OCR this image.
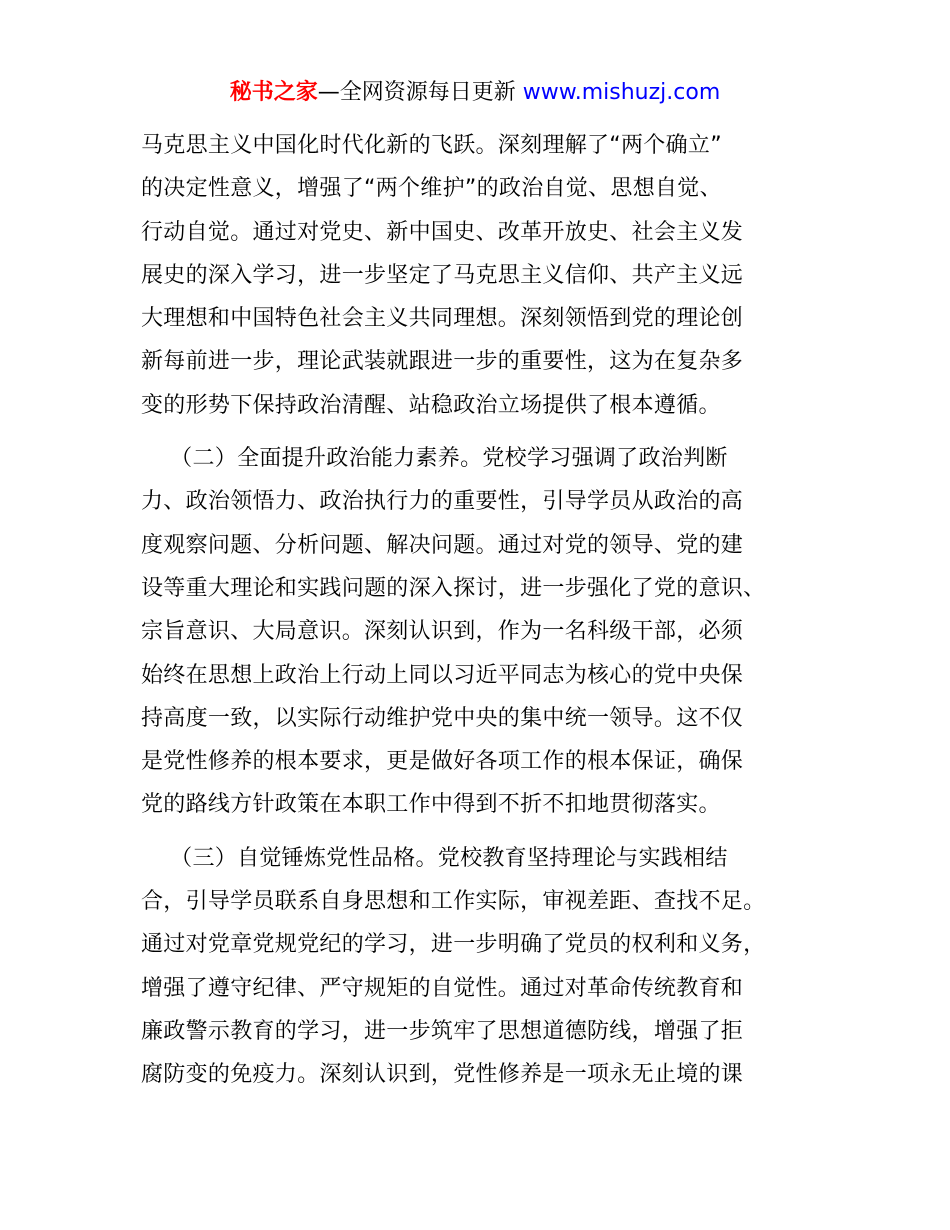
秘书之家—全网资源每日更新 www.mishuzj.com
马克思主义中国化时代化新的飞跃。深刻理解了“两个确立”
的决定性意义，增强了“两个维护”的政治自觉、思想自觉、
行动自觉。通过对党史、新中国史、改革开放史、社会主义发
展史的深入学习，进一步坚定了马克思主义信仰、共产主义远
大理想和中国特色社会主义共同理想。深刻领悟到党的理论创
新每前进一步，理论武装就跟进一步的重要性，这为在复杂多
变的形势下保持政治清醒、站稳政治立场提供了根本遵循。
（二）全面提升政治能力素养。党校学习强调了政治判断
力、政治领悟力、政治执行力的重要性，引导学员从政治的高
度观察问题、分析问题、解决问题。通过对党的领导、党的建
设等重大理论和实践问题的深入探讨，进一步强化了党的意识、
宗旨意识、大局意识。深刻认识到，作为一名科级干部，必须
始终在思想上政治上行动上同以习近平同志为核心的党中央保
持高度一致，以实际行动维护党中央的集中统一领导。这不仅
是党性修养的根本要求，更是做好各项工作的根本保证，确保
党的路线方针政策在本职工作中得到不折不扣地贯彻落实。
（三）自觉锤炼党性品格。党校教育坚持理论与实践相结
合，引导学员联系自身思想和工作实际，审视差距、查找不足。
通过对党章党规党纪的学习，进一步明确了党员的权利和义务，
增强了遵守纪律、严守规矩的自觉性。通过对革命传统教育和
廉政警示教育的学习，进一步筑牢了思想道德防线，增强了拒
腐防变的免疫力。深刻认识到，党性修养是一项永无止境的课
